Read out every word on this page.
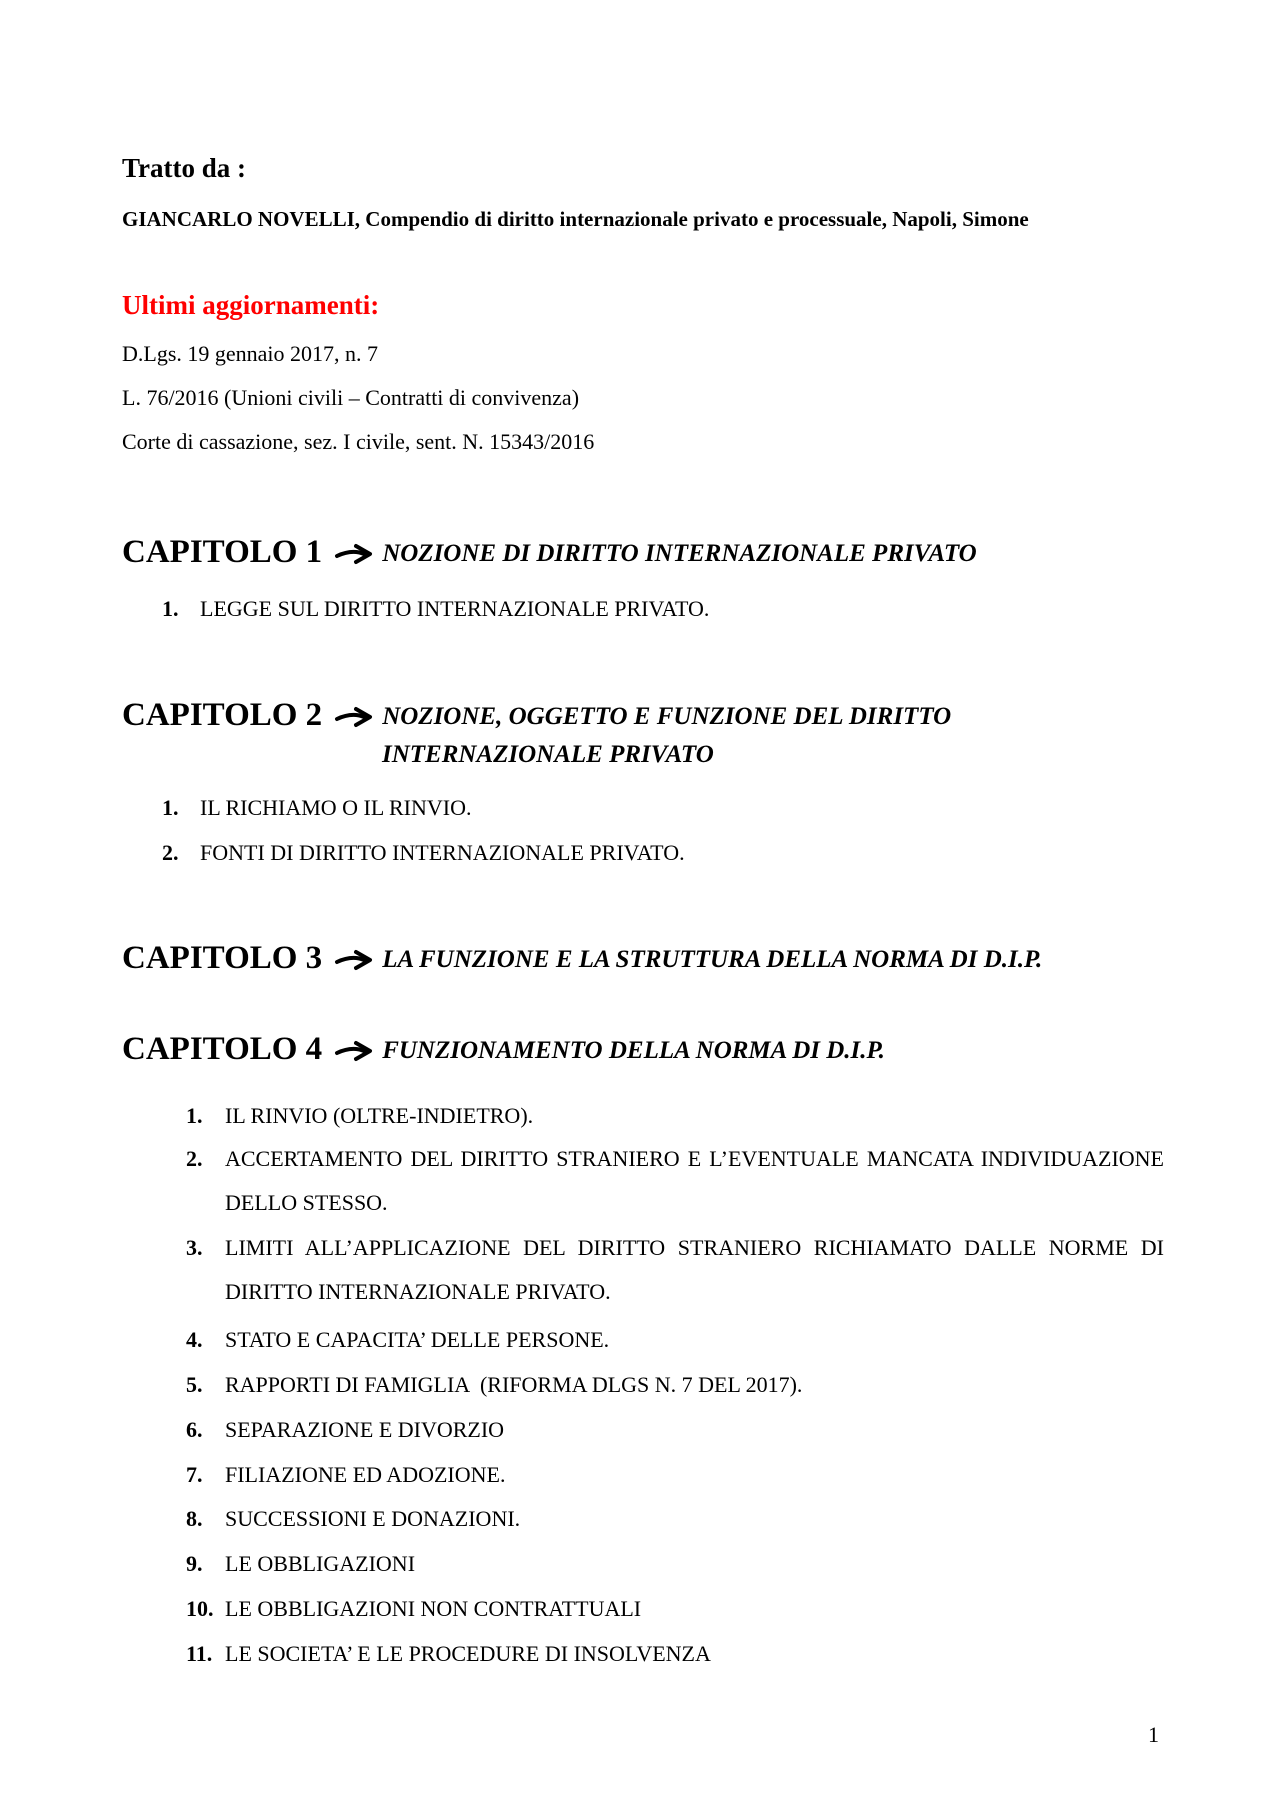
Tratto da :
GIANCARLO NOVELLI, Compendio di diritto internazionale privato e processuale, Napoli, Simone
Ultimi aggiornamenti:
D.Lgs. 19 gennaio 2017, n. 7
L. 76/2016 (Unioni civili – Contratti di convivenza)
Corte di cassazione, sez. I civile, sent. N. 15343/2016
CAPITOLO 1 NOZIONE DI DIRITTO INTERNAZIONALE PRIVATO
1. LEGGE SUL DIRITTO INTERNAZIONALE PRIVATO.
CAPITOLO 2 NOZIONE, OGGETTO E FUNZIONE DEL DIRITTO
INTERNAZIONALE PRIVATO
1. IL RICHIAMO O IL RINVIO.
2. FONTI DI DIRITTO INTERNAZIONALE PRIVATO.
CAPITOLO 3 LA FUNZIONE E LA STRUTTURA DELLA NORMA DI D.I.P.
CAPITOLO 4 FUNZIONAMENTO DELLA NORMA DI D.I.P.
1. IL RINVIO (OLTRE-INDIETRO).
2. ACCERTAMENTO DEL DIRITTO STRANIERO E L’EVENTUALE MANCATA INDIVIDUAZIONE DELLO STESSO.
3. LIMITI ALL’APPLICAZIONE DEL DIRITTO STRANIERO RICHIAMATO DALLE NORME DI DIRITTO INTERNAZIONALE PRIVATO.
4. STATO E CAPACITA’ DELLE PERSONE.
5. RAPPORTI DI FAMIGLIA  (RIFORMA DLGS N. 7 DEL 2017).
6. SEPARAZIONE E DIVORZIO
7. FILIAZIONE ED ADOZIONE.
8. SUCCESSIONI E DONAZIONI.
9. LE OBBLIGAZIONI
10. LE OBBLIGAZIONI NON CONTRATTUALI
11. LE SOCIETA’ E LE PROCEDURE DI INSOLVENZA
1
